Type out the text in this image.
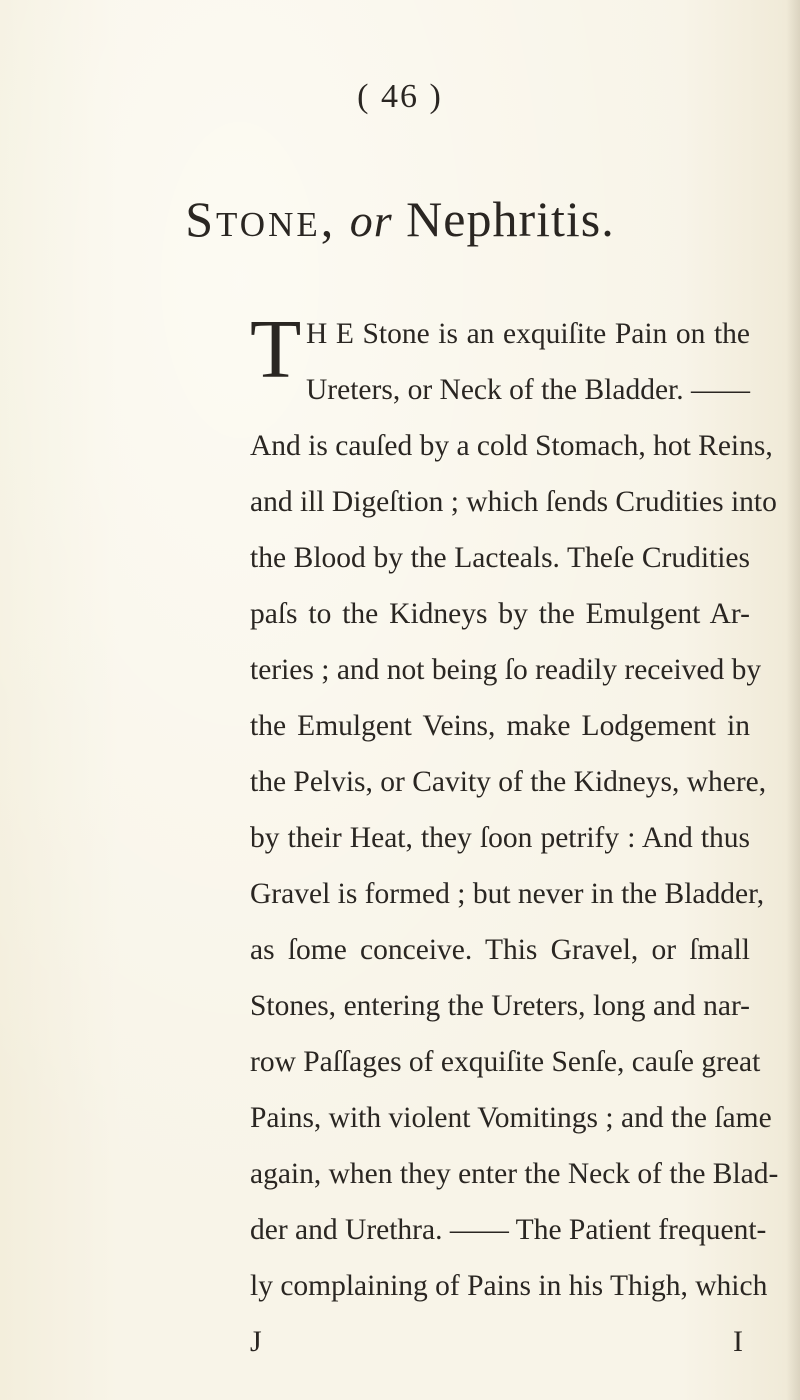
( 46 )
Stone, or Nephritis.
T H E Stone is an exquiſite Pain on the
Ureters, or Neck of the Bladder. ——
And is cauſed by a cold Stomach, hot Reins,
and ill Digeſtion ; which ſends Crudities into
the Blood by the Lacteals. Theſe Crudities
paſs to the Kidneys by the Emulgent Ar-
teries ; and not being ſo readily received by
the Emulgent Veins, make Lodgement in
the Pelvis, or Cavity of the Kidneys, where,
by their Heat, they ſoon petrify : And thus
Gravel is formed ; but never in the Bladder,
as ſome conceive. This Gravel, or ſmall
Stones, entering the Ureters, long and nar-
row Paſſages of exquiſite Senſe, cauſe great
Pains, with violent Vomitings ; and the ſame
again, when they enter the Neck of the Blad-
der and Urethra. —— The Patient frequent-
ly complaining of Pains in his Thigh, which
J	I
